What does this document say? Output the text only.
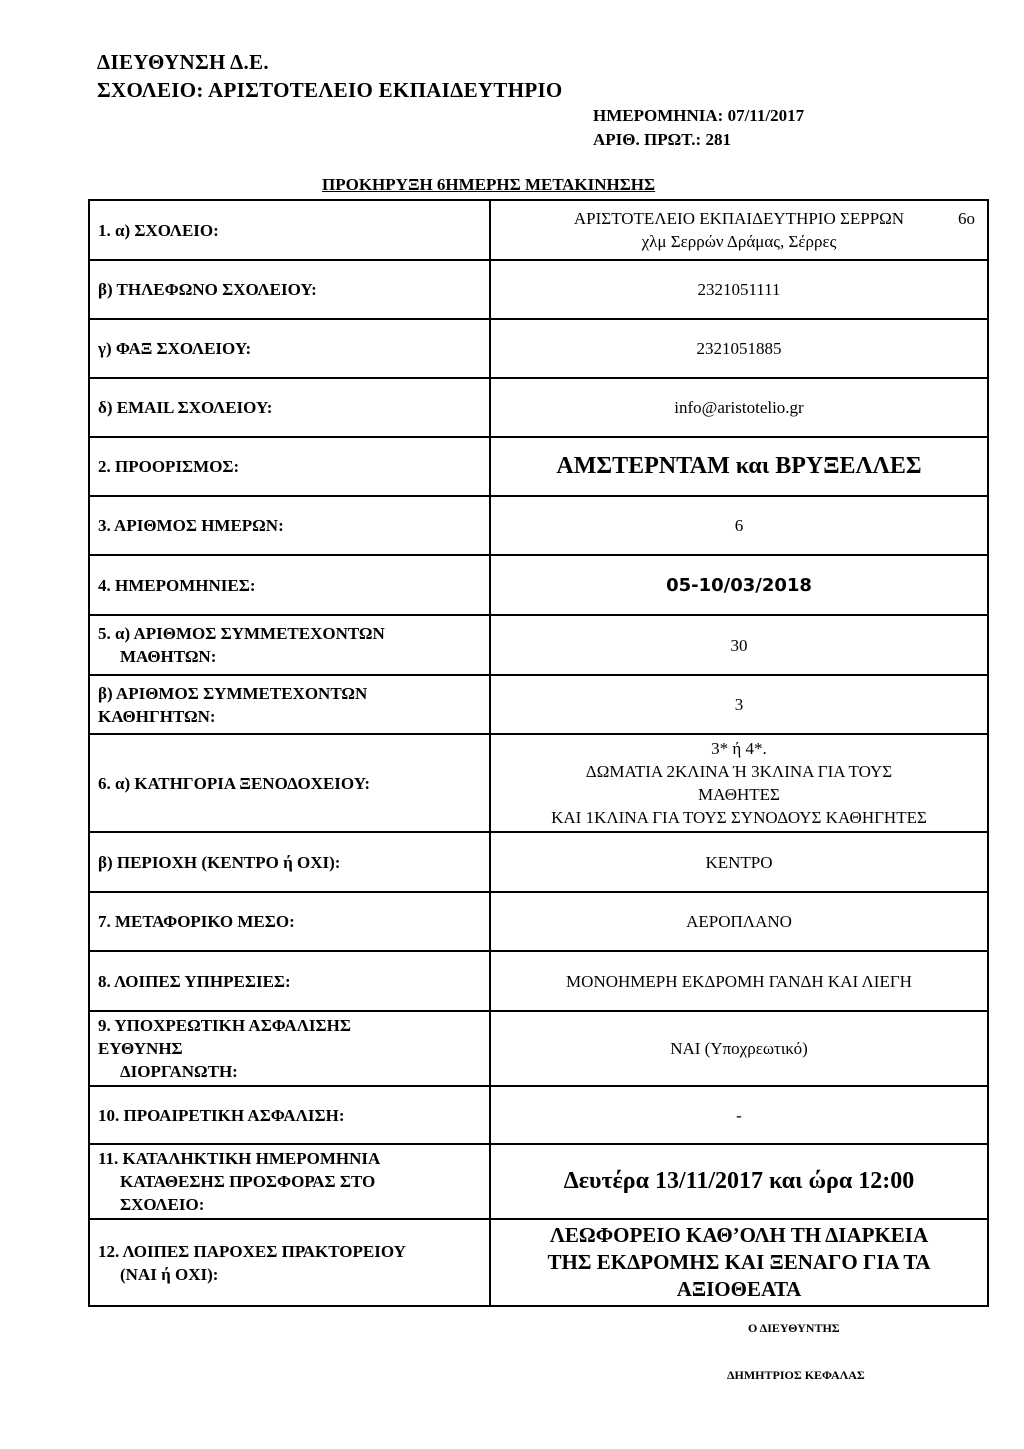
ΔΙΕΥΘΥΝΣΗ Δ.Ε.
ΣΧΟΛΕΙΟ: ΑΡΙΣΤΟΤΕΛΕΙΟ ΕΚΠΑΙΔΕΥΤΗΡΙΟ
ΗΜΕΡΟΜΗΝΙΑ: 07/11/2017
ΑΡΙΘ. ΠΡΩΤ.: 281
ΠΡΟΚΗΡΥΞΗ 6ΗΜΕΡΗΣ ΜΕΤΑΚΙΝΗΣΗΣ
1. α) ΣΧΟΛΕΙΟ:	ΑΡΙΣΤΟΤΕΛΕΙΟ ΕΚΠΑΙΔΕΥΤΗΡΙΟ ΣΕΡΡΩΝ 6ο
χλμ Σερρών Δράμας, Σέρρες

β) ΤΗΛΕΦΩΝΟ ΣΧΟΛΕΙΟΥ:	2321051111
γ) ΦΑΞ ΣΧΟΛΕΙΟΥ:	2321051885
δ) EMAIL ΣΧΟΛΕΙΟΥ:	info@aristotelio.gr
2. ΠΡΟΟΡΙΣΜΟΣ:	ΑΜΣΤΕΡΝΤΑΜ και ΒΡΥΞΕΛΛΕΣ
3. ΑΡΙΘΜΟΣ ΗΜΕΡΩΝ:	6
4. ΗΜΕΡΟΜΗΝΙΕΣ:	05-10/03/2018

5. α) ΑΡΙΘΜΟΣ ΣΥΜΜΕΤΕΧΟΝΤΩΝ
ΜΑΘΗΤΩΝ:	30

β) ΑΡΙΘΜΟΣ ΣΥΜΜΕΤΕΧΟΝΤΩΝ
ΚΑΘΗΓΗΤΩΝ:	3
6. α) ΚΑΤΗΓΟΡΙΑ ΞΕΝΟΔΟΧΕΙΟΥ:	3* ή 4*.
ΔΩΜΑΤΙΑ 2ΚΛΙΝΑ Ή 3ΚΛΙΝΑ ΓΙΑ ΤΟΥΣ
ΜΑΘΗΤΕΣ
ΚΑΙ 1ΚΛΙΝΑ ΓΙΑ ΤΟΥΣ ΣΥΝΟΔΟΥΣ ΚΑΘΗΓΗΤΕΣ

β) ΠΕΡΙΟΧΗ (ΚΕΝΤΡΟ ή ΟΧΙ):	ΚΕΝΤΡΟ
7. ΜΕΤΑΦΟΡΙΚΟ ΜΕΣΟ:	ΑΕΡΟΠΛΑΝΟ
8. ΛΟΙΠΕΣ ΥΠΗΡΕΣΙΕΣ:	ΜΟΝΟΗΜΕΡΗ ΕΚΔΡΟΜΗ ΓΑΝΔΗ ΚΑΙ ΛΙΕΓΗ

9. ΥΠΟΧΡΕΩΤΙΚΗ ΑΣΦΑΛΙΣΗΣ
ΕΥΘΥΝΗΣ
ΔΙΟΡΓΑΝΩΤΗ:	ΝΑΙ (Υποχρεωτικό)
10. ΠΡΟΑΙΡΕΤΙΚΗ ΑΣΦΑΛΙΣΗ:	-

11. ΚΑΤΑΛΗΚΤΙΚΗ ΗΜΕΡΟΜΗΝΙΑ
ΚΑΤΑΘΕΣΗΣ ΠΡΟΣΦΟΡΑΣ ΣΤΟ
ΣΧΟΛΕΙΟ:	Δευτέρα 13/11/2017 και ώρα 12:00

12. ΛΟΙΠΕΣ ΠΑΡΟΧΕΣ ΠΡΑΚΤΟΡΕΙΟΥ
(ΝΑΙ ή ΟΧΙ):	ΛΕΩΦΟΡΕΙΟ ΚΑΘ’ΟΛΗ ΤΗ ΔΙΑΡΚΕΙΑ
ΤΗΣ ΕΚΔΡΟΜΗΣ ΚΑΙ ΞΕΝΑΓΟ ΓΙΑ ΤΑ
ΑΞΙΟΘΕΑΤΑ
Ο ΔΙΕΥΘΥΝΤΗΣ
ΔΗΜΗΤΡΙΟΣ ΚΕΦΑΛΑΣ
